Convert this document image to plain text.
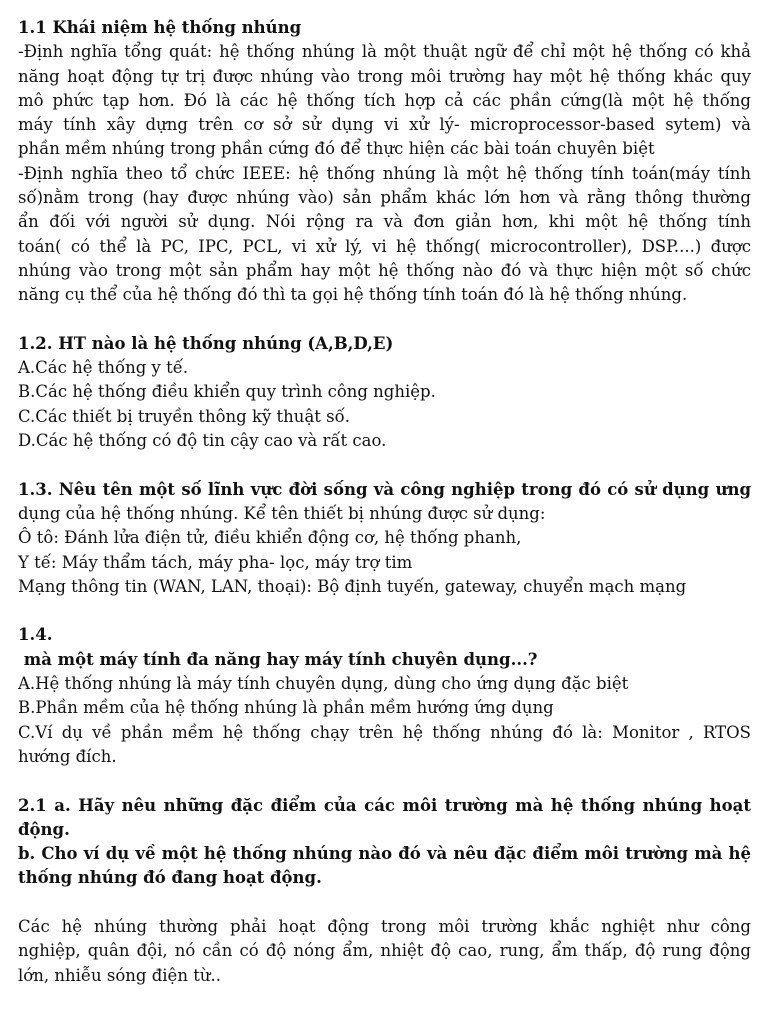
1.1 Khái niệm hệ thống nhúng
-Định nghĩa tổng quát: hệ thống nhúng là một thuật ngữ để chỉ một hệ thống có khả
năng hoạt động tự trị được nhúng vào trong môi trường hay một hệ thống khác quy
mô phức tạp hơn. Đó là các hệ thống tích hợp cả các phần cứng(là một hệ thống
máy tính xây dựng trên cơ sở sử dụng vi xử lý- microprocessor-based sytem) và
phần mềm nhúng trong phần cứng đó để thực hiện các bài toán chuyên biệt
-Định nghĩa theo tổ chức IEEE: hệ thống nhúng là một hệ thống tính toán(máy tính
số)nằm trong (hay được nhúng vào) sản phẩm khác lớn hơn và rằng thông thường
ẩn đối với người sử dụng. Nói rộng ra và đơn giản hơn, khi một hệ thống tính
toán( có thể là PC, IPC, PCL, vi xử lý, vi hệ thống( microcontroller), DSP....) được
nhúng vào trong một sản phẩm hay một hệ thống nào đó và thực hiện một số chức
năng cụ thể của hệ thống đó thì ta gọi hệ thống tính toán đó là hệ thống nhúng.
1.2. HT nào là hệ thống nhúng (A,B,D,E)
A.Các hệ thống y tế.
B.Các hệ thống điều khiển quy trình công nghiệp.
C.Các thiết bị truyền thông kỹ thuật số.
D.Các hệ thống có độ tin cậy cao và rất cao.
1.3. Nêu tên một số lĩnh vực đời sống và công nghiệp trong đó có sử dụng ưng
dụng của hệ thống nhúng. Kể tên thiết bị nhúng được sử dụng:
Ô tô: Đánh lửa điện tử, điều khiển động cơ, hệ thống phanh,
Y tế: Máy thẩm tách, máy pha- lọc, máy trợ tim
Mạng thông tin (WAN, LAN, thoại): Bộ định tuyến, gateway, chuyển mạch mạng
1.4.
mà một máy tính đa năng hay máy tính chuyên dụng...?
A.Hệ thống nhúng là máy tính chuyên dụng, dùng cho ứng dụng đặc biệt
B.Phần mềm của hệ thống nhúng là phần mềm hướng ứng dụng
C.Ví dụ về phần mềm hệ thống chạy trên hệ thống nhúng đó là: Monitor , RTOS
hướng đích.
2.1 a. Hãy nêu những đặc điểm của các môi trường mà hệ thống nhúng hoạt
động.
b. Cho ví dụ về một hệ thống nhúng nào đó và nêu đặc điểm môi trường mà hệ
thống nhúng đó đang hoạt động.
Các hệ nhúng thường phải hoạt động trong môi trường khắc nghiệt như công
nghiệp, quân đội, nó cần có độ nóng ẩm, nhiệt độ cao, rung, ẩm thấp, độ rung động
lớn, nhiễu sóng điện từ..
